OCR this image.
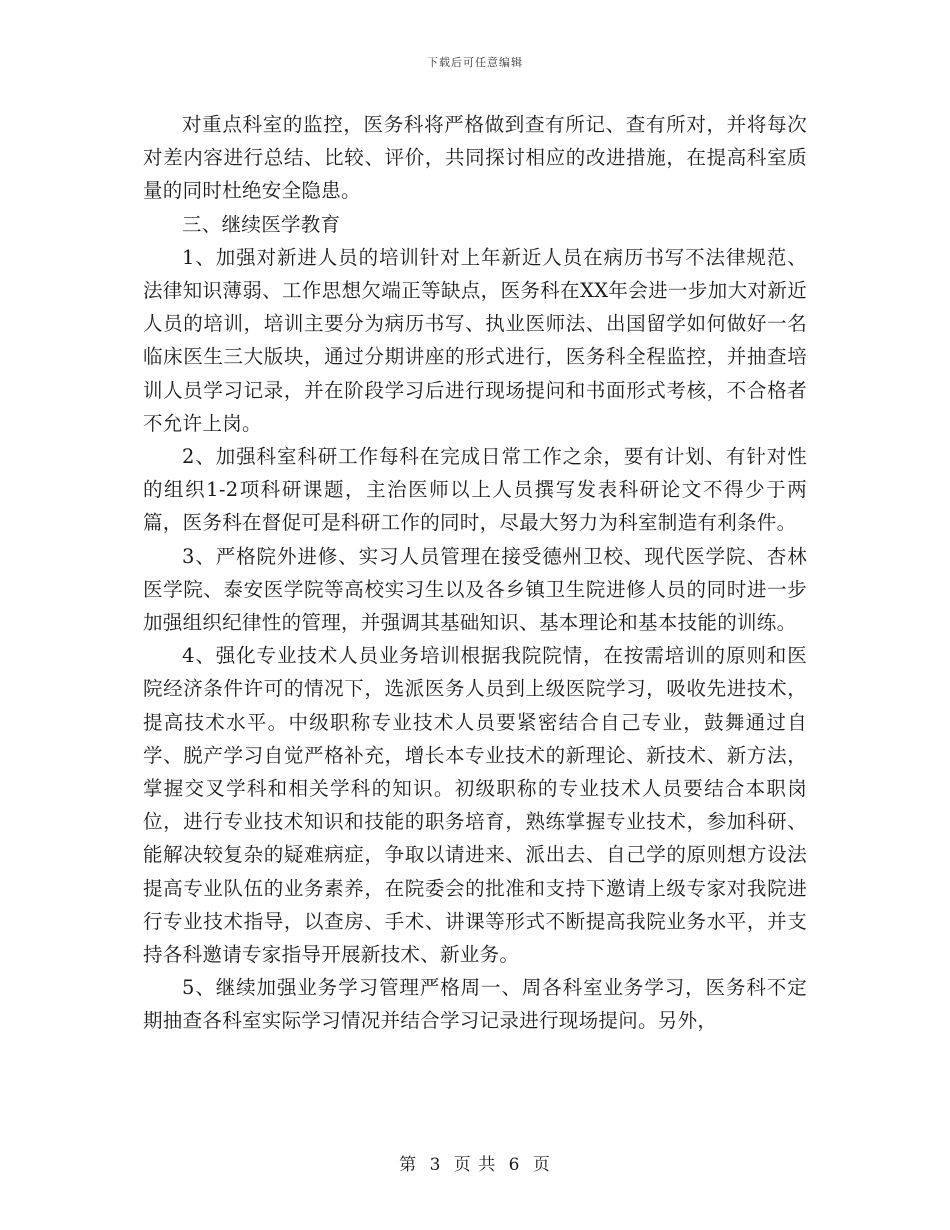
下载后可任意编辑

对重点科室的监控，医务科将严格做到查有所记、查有所对，并将每次对差内容进行总结、比较、评价，共同探讨相应的改进措施，在提高科室质量的同时杜绝安全隐患。

三、继续医学教育

1、加强对新进人员的培训针对上年新近人员在病历书写不法律规范、法律知识薄弱、工作思想欠端正等缺点，医务科在XX年会进一步加大对新近人员的培训，培训主要分为病历书写、执业医师法、出国留学如何做好一名临床医生三大版块，通过分期讲座的形式进行，医务科全程监控，并抽查培训人员学习记录，并在阶段学习后进行现场提问和书面形式考核，不合格者不允许上岗。

2、加强科室科研工作每科在完成日常工作之余，要有计划、有针对性的组织1-2项科研课题，主治医师以上人员撰写发表科研论文不得少于两篇，医务科在督促可是科研工作的同时，尽最大努力为科室制造有利条件。

3、严格院外进修、实习人员管理在接受德州卫校、现代医学院、杏林医学院、泰安医学院等高校实习生以及各乡镇卫生院进修人员的同时进一步加强组织纪律性的管理，并强调其基础知识、基本理论和基本技能的训练。

4、强化专业技术人员业务培训根据我院院情，在按需培训的原则和医院经济条件许可的情况下，选派医务人员到上级医院学习，吸收先进技术，提高技术水平。中级职称专业技术人员要紧密结合自己专业，鼓舞通过自学、脱产学习自觉严格补充，增长本专业技术的新理论、新技术、新方法，掌握交叉学科和相关学科的知识。初级职称的专业技术人员要结合本职岗位，进行专业技术知识和技能的职务培育，熟练掌握专业技术，参加科研、能解决较复杂的疑难病症，争取以请进来、派出去、自己学的原则想方设法提高专业队伍的业务素养，在院委会的批准和支持下邀请上级专家对我院进行专业技术指导，以查房、手术、讲课等形式不断提高我院业务水平，并支持各科邀请专家指导开展新技术、新业务。

5、继续加强业务学习管理严格周一、周各科室业务学习，医务科不定期抽查各科室实际学习情况并结合学习记录进行现场提问。另外，

第 3 页 共 6 页
